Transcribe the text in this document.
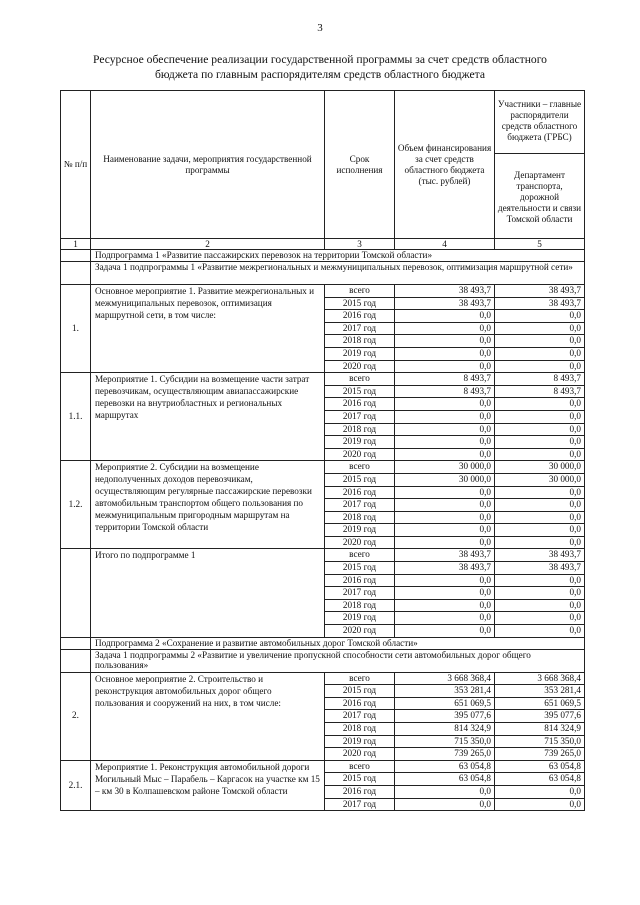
3
Ресурсное обеспечение реализации государственной программы за счет средств областного бюджета по главным распорядителям средств областного бюджета
№ п/п	Наименование задачи, мероприятия государственной программы	Срок исполнения	Объем финансирования за счет средств областного бюджета (тыс. рублей)	Участники – главные распорядители средств областного бюджета (ГРБС)
				Департамент транспорта, дорожной деятельности и связи Томской области
1	2	3	4	5
	Подпрограмма 1 «Развитие пассажирских перевозок на территории Томской области»			
	Задача 1 подпрограммы 1 «Развитие межрегиональных и межмуниципальных перевозок, оптимизация маршрутной сети»			
1.	Основное мероприятие 1. Развитие межрегиональных и межмуниципальных перевозок, оптимизация маршрутной сети, в том числе:	всего	38 493,7	38 493,7
		2015 год	38 493,7	38 493,7
		2016 год	0,0	0,0
		2017 год	0,0	0,0
		2018 год	0,0	0,0
		2019 год	0,0	0,0
		2020 год	0,0	0,0
1.1.	Мероприятие 1. Субсидии на возмещение части затрат перевозчикам, осуществляющим авиапассажирские перевозки на внутриобластных и региональных маршрутах	всего	8 493,7	8 493,7
		2015 год	8 493,7	8 493,7
		2016 год	0,0	0,0
		2017 год	0,0	0,0
		2018 год	0,0	0,0
		2019 год	0,0	0,0
		2020 год	0,0	0,0
1.2.	Мероприятие 2. Субсидии на возмещение недополученных доходов перевозчикам, осуществляющим регулярные пассажирские перевозки автомобильным транспортом общего пользования по межмуниципальным пригородным маршрутам на территории Томской области	всего	30 000,0	30 000,0
		2015 год	30 000,0	30 000,0
		2016 год	0,0	0,0
		2017 год	0,0	0,0
		2018 год	0,0	0,0
		2019 год	0,0	0,0
		2020 год	0,0	0,0
	Итого по подпрограмме 1	всего	38 493,7	38 493,7
		2015 год	38 493,7	38 493,7
		2016 год	0,0	0,0
		2017 год	0,0	0,0
		2018 год	0,0	0,0
		2019 год	0,0	0,0
		2020 год	0,0	0,0
	Подпрограмма 2 «Сохранение и развитие автомобильных дорог Томской области»			
	Задача 1 подпрограммы 2 «Развитие и увеличение пропускной способности сети автомобильных дорог общего пользования»			
2.	Основное мероприятие 2. Строительство и реконструкция автомобильных дорог общего пользования и сооружений на них, в том числе:	всего	3 668 368,4	3 668 368,4
		2015 год	353 281,4	353 281,4
		2016 год	651 069,5	651 069,5
		2017 год	395 077,6	395 077,6
		2018 год	814 324,9	814 324,9
		2019 год	715 350,0	715 350,0
		2020 год	739 265,0	739 265,0
2.1.	Мероприятие 1. Реконструкция автомобильной дороги Могильный Мыс – Парабель – Каргасок на участке км 15 – км 30 в Колпашевском районе Томской области	всего	63 054,8	63 054,8
		2015 год	63 054,8	63 054,8
		2016 год	0,0	0,0
		2017 год	0,0	0,0
